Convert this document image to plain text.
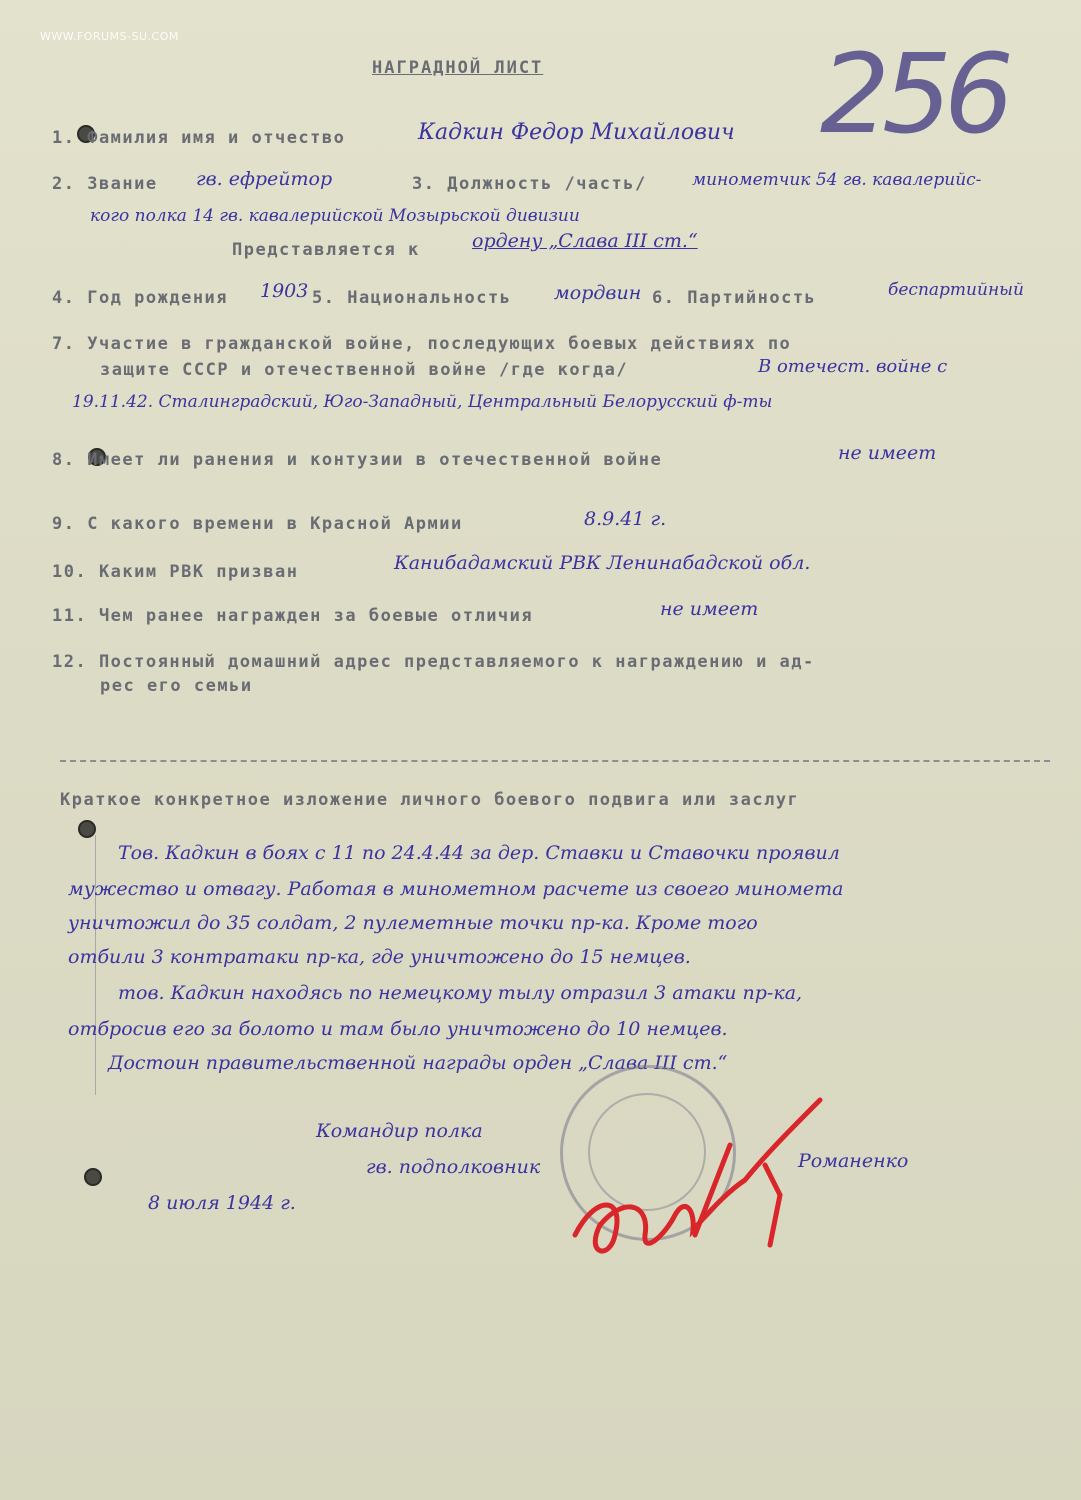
WWW.FORUMS-SU.COM	256
НАГРАДНОЙ ЛИСТ
1. Фамилия имя и отчество	Кадкин Федор Михайлович
2. Звание гв. ефрейтор	3. Должность /часть/	минометчик 54 гв. кавалерийс-
кого полка 14 гв. кавалерийской Мозырьской дивизии
Представляется к	ордену „Слава III ст.“
4. Год рождения 1903 5. Национальность мордвин 6. Партийность	беспартийный
7. Участие в гражданской войне, последующих боевых действиях по
защите СССР и отечественной войне /где когда/	В отечест. войне с
19.11.42. Сталинградский, Юго-Западный, Центральный Белорусский ф-ты
8. Имеет ли ранения и контузии в отечественной войне	не имеет
9. С какого времени в Красной Армии	8.9.41 г.
10. Каким РВК призван	Канибадамский РВК Ленинабадской обл.
11. Чем ранее награжден за боевые отличия	не имеет
12. Постоянный домашний адрес представляемого к награждению и ад-
рес его семьи
Краткое конкретное изложение личного боевого подвига или заслуг
Тов. Кадкин в боях с 11 по 24.4.44 за дер. Ставки и Ставочки проявил
мужество и отвагу. Работая в минометном расчете из своего миномета
уничтожил до 35 солдат, 2 пулеметные точки пр-ка. Кроме того
отбили 3 контратаки пр-ка, где уничтожено до 15 немцев.
тов. Кадкин находясь по немецкому тылу отразил 3 атаки пр-ка,
отбросив его за болото и там было уничтожено до 10 немцев.
Достоин правительственной награды орден „Слава III ст.“
Командир полка
гв. подполковник	Романенко
8 июля 1944 г.
